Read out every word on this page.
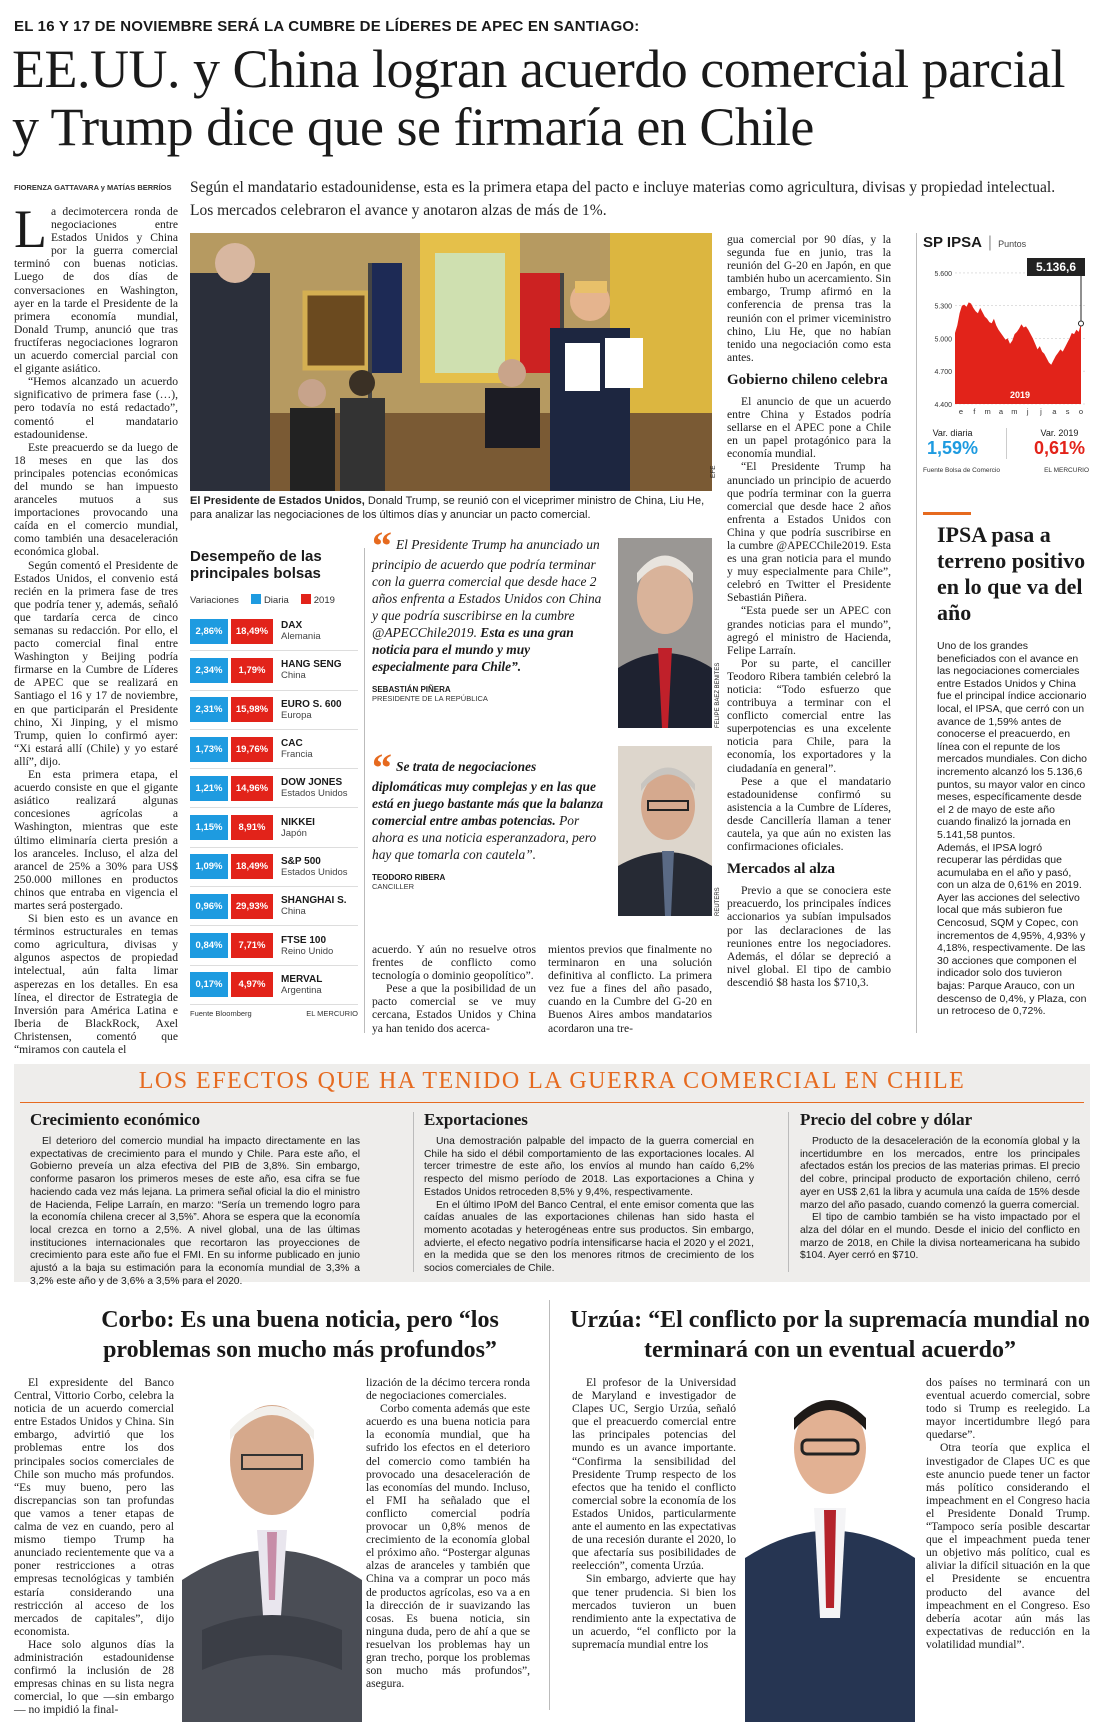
EL 16 Y 17 DE NOVIEMBRE SERÁ LA CUMBRE DE LÍDERES DE APEC EN SANTIAGO:
EE.UU. y China logran acuerdo comercial parcial y Trump dice que se firmaría en Chile
FIORENZA GATTAVARA y MATÍAS BERRÍOS Según el mandatario estadounidense, esta es la primera etapa del pacto e incluye materias como agricultura, divisas y propiedad intelectual. Los mercados celebraron el avance y anotaron alzas de más de 1%.

La decimotercera ronda de negociaciones entre Estados Unidos y China por la guerra comercial terminó con buenas noticias. Luego de dos días de conversaciones en Washington, ayer en la tarde el Presidente de la primera economía mundial, Donald Trump, anunció que tras fructíferas negociaciones lograron un acuerdo comercial parcial con el gigante asiático.

“Hemos alcanzado un acuerdo significativo de primera fase (…), pero todavía no está redactado”, comentó el mandatario estadounidense.

Este preacuerdo se da luego de 18 meses en que las dos principales potencias económicas del mundo se han impuesto aranceles mutuos a sus importaciones provocando una caída en el comercio mundial, como también una desaceleración económica global.

Según comentó el Presidente de Estados Unidos, el convenio está recién en la primera fase de tres que podría tener y, además, señaló que tardaría cerca de cinco semanas su redacción. Por ello, el pacto comercial final entre Washington y Beijing podría firmarse en la Cumbre de Líderes de APEC que se realizará en Santiago el 16 y 17 de noviembre, en que participarán el Presidente chino, Xi Jinping, y el mismo Trump, quien lo confirmó ayer: “Xi estará allí (Chile) y yo estaré allí”, dijo.

En esta primera etapa, el acuerdo consiste en que el gigante asiático realizará algunas concesiones agrícolas a Washington, mientras que este último eliminaría cierta presión a los aranceles. Incluso, el alza del arancel de 25% a 30% para US$ 250.000 millones en productos chinos que entraba en vigencia el martes será postergado.

Si bien esto es un avance en términos estructurales en temas como agricultura, divisas y algunos aspectos de propiedad intelectual, aún falta limar asperezas en los detalles. En esa línea, el director de Estrategia de Inversión para América Latina e Iberia de BlackRock, Axel Christensen, comentó que “miramos con cautela el

El Presidente de Estados Unidos, Donald Trump, se reunió con el viceprimer ministro de China, Liu He, para analizar las negociaciones de los últimos días y anunciar un pacto comercial.
EFE
Desempeño de las principales bolsas
Variaciones	Diaria	2019
2,86%	18,49%	DAX
Alemania
2,34%	1,79%	HANG SENG
China
2,31%	15,98%	EURO S. 600
Europa
1,73%	19,76%	CAC
Francia
1,21%	14,96%	DOW JONES
Estados Unidos
1,15%	8,91%	NIKKEI
Japón
1,09%	18,49%	S&P 500
Estados Unidos
0,96%	29,93%	SHANGHAI S.
China
0,84%	7,71%	FTSE 100
Reino Unido
0,17%	4,97%	MERVAL
Argentina
Fuente Bloomberg	EL MERCURIO
“ El Presidente Trump ha anunciado un principio de acuerdo que podría terminar con la guerra comercial que desde hace 2 años enfrenta a Estados Unidos con China y que podría suscribirse en la cumbre @APECChile2019. Esta es una gran noticia para el mundo y muy especialmente para Chile”.
SEBASTIÁN PIÑERA
PRESIDENTE DE LA REPÚBLICA	FELIPE BAEZ BENITES
“ Se trata de negociaciones diplomáticas muy complejas y en las que está en juego bastante más que la balanza comercial entre ambas potencias. Por ahora es una noticia esperanzadora, pero hay que tomarla con cautela”.
TEODORO RIBERA
CANCILLER
REUTERS

acuerdo. Y aún no resuelve otros frentes de conflicto como tecnología o dominio geopolítico”.

Pese a que la posibilidad de un pacto comercial se ve muy cercana, Estados Unidos y China ya han tenido dos acerca-

mientos previos que finalmente no terminaron en una solución definitiva al conflicto. La primera vez fue a fines del año pasado, cuando en la Cumbre del G-20 en Buenos Aires ambos mandatarios acordaron una tre-

gua comercial por 90 días, y la segunda fue en junio, tras la reunión del G-20 en Japón, en que también hubo un acercamiento. Sin embargo, Trump afirmó en la conferencia de prensa tras la reunión con el primer viceministro chino, Liu He, que no habían tenido una negociación como esta antes.

Gobierno chileno celebra

El anuncio de que un acuerdo entre China y Estados podría sellarse en el APEC pone a Chile en un papel protagónico para la economía mundial.

“El Presidente Trump ha anunciado un principio de acuerdo que podría terminar con la guerra comercial que desde hace 2 años enfrenta a Estados Unidos con China y que podría suscribirse en la cumbre @APECChile2019. Esta es una gran noticia para el mundo y muy especialmente para Chile”, celebró en Twitter el Presidente Sebastián Piñera.

“Esta puede ser un APEC con grandes noticias para el mundo”, agregó el ministro de Hacienda, Felipe Larraín.

Por su parte, el canciller Teodoro Ribera también celebró la noticia: “Todo esfuerzo que contribuya a terminar con el conflicto comercial entre las superpotencias es una excelente noticia para Chile, para la economía, los exportadores y la ciudadanía en general”.

Pese a que el mandatario estadounidense confirmó su asistencia a la Cumbre de Líderes, desde Cancillería llaman a tener cautela, ya que aún no existen las confirmaciones oficiales.

Mercados al alza

Previo a que se conociera este preacuerdo, los principales índices accionarios ya subían impulsados por las declaraciones de las reuniones entre los negociadores. Además, el dólar se depreció a nivel global. El tipo de cambio descendió $8 hasta los $710,3.

SP IPSA | Puntos
5.600
5.300
5.000
4.700
4.400
5.136,6
2019
e f m a m j j a s o
Var. diaria
1,59%
Var. 2019
0,61%
Fuente Bolsa de Comercio	EL MERCURIO
IPSA pasa a terreno positivo en lo que va del año

Uno de los grandes beneficiados con el avance en las negociaciones comerciales entre Estados Unidos y China fue el principal índice accionario local, el IPSA, que cerró con un avance de 1,59% antes de conocerse el preacuerdo, en línea con el repunte de los mercados mundiales. Con dicho incremento alcanzó los 5.136,6 puntos, su mayor valor en cinco meses, específicamente desde el 2 de mayo de este año cuando finalizó la jornada en 5.141,58 puntos.

Además, el IPSA logró recuperar las pérdidas que acumulaba en el año y pasó, con un alza de 0,61% en 2019.

Ayer las acciones del selectivo local que más subieron fue Cencosud, SQM y Copec, con incrementos de 4,95%, 4,93% y 4,18%, respectivamente. De las 30 acciones que componen el indicador solo dos tuvieron bajas: Parque Arauco, con un descenso de 0,4%, y Plaza, con un retroceso de 0,72%.

LOS EFECTOS QUE HA TENIDO LA GUERRA COMERCIAL EN CHILE
Crecimiento económico

El deterioro del comercio mundial ha impacto directamente en las expectativas de crecimiento para el mundo y Chile. Para este año, el Gobierno preveía un alza efectiva del PIB de 3,8%. Sin embargo, conforme pasaron los primeros meses de este año, esa cifra se fue haciendo cada vez más lejana. La primera señal oficial la dio el ministro de Hacienda, Felipe Larraín, en marzo: “Sería un tremendo logro para la economía chilena crecer al 3,5%”. Ahora se espera que la economía local crezca en torno a 2,5%. A nivel global, una de las últimas instituciones internacionales que recortaron las proyecciones de crecimiento para este año fue el FMI. En su informe publicado en junio ajustó a la baja su estimación para la economía mundial de 3,3% a 3,2% este año y de 3,6% a 3,5% para el 2020.

Exportaciones

Una demostración palpable del impacto de la guerra comercial en Chile ha sido el débil comportamiento de las exportaciones locales. Al tercer trimestre de este año, los envíos al mundo han caído 6,2% respecto del mismo período de 2018. Las exportaciones a China y Estados Unidos retroceden 8,5% y 9,4%, respectivamente.

En el último IPoM del Banco Central, el ente emisor comenta que las caídas anuales de las exportaciones chilenas han sido hasta el momento acotadas y heterogéneas entre sus productos. Sin embargo, advierte, el efecto negativo podría intensificarse hacia el 2020 y el 2021, en la medida que se den los menores ritmos de crecimiento de los socios comerciales de Chile.

Precio del cobre y dólar

Producto de la desaceleración de la economía global y la incertidumbre en los mercados, entre los principales afectados están los precios de las materias primas. El precio del cobre, principal producto de exportación chileno, cerró ayer en US$ 2,61 la libra y acumula una caída de 15% desde marzo del año pasado, cuando comenzó la guerra comercial.

El tipo de cambio también se ha visto impactado por el alza del dólar en el mundo. Desde el inicio del conflicto en marzo de 2018, en Chile la divisa norteamericana ha subido $104. Ayer cerró en $710.

Corbo: Es una buena noticia, pero “los problemas son mucho más profundos”

El expresidente del Banco Central, Vittorio Corbo, celebra la noticia de un acuerdo comercial entre Estados Unidos y China. Sin embargo, advirtió que los problemas entre los dos principales socios comerciales de Chile son mucho más profundos. “Es muy bueno, pero las discrepancias son tan profundas que vamos a tener etapas de calma de vez en cuando, pero al mismo tiempo Trump ha anunciado recientemente que va a poner restricciones a otras empresas tecnológicas y también estaría considerando una restricción al acceso de los mercados de capitales”, dijo economista.

Hace solo algunos días la administración estadounidense confirmó la inclusión de 28 empresas chinas en su lista negra comercial, lo que —sin embargo— no impidió la final-

lización de la décimo tercera ronda de negociaciones comerciales.

Corbo comenta además que este acuerdo es una buena noticia para la economía mundial, que ha sufrido los efectos en el deterioro del comercio como también ha provocado una desaceleración de las economías del mundo. Incluso, el FMI ha señalado que el conflicto comercial podría provocar un 0,8% menos de crecimiento de la economía global el próximo año. “Postergar algunas alzas de aranceles y también que China va a comprar un poco más de productos agrícolas, eso va a en la dirección de ir suavizando las cosas. Es buena noticia, sin ninguna duda, pero de ahí a que se resuelvan los problemas hay un gran trecho, porque los problemas son mucho más profundos”, asegura.

Urzúa: “El conflicto por la supremacía mundial no terminará con un eventual acuerdo”

El profesor de la Universidad de Maryland e investigador de Clapes UC, Sergio Urzúa, señaló que el preacuerdo comercial entre las principales potencias del mundo es un avance importante. “Confirma la sensibilidad del Presidente Trump respecto de los efectos que ha tenido el conflicto comercial sobre la economía de los Estados Unidos, particularmente ante el aumento en las expectativas de una recesión durante el 2020, lo que afectaría sus posibilidades de reelección”, comenta Urzúa.

Sin embargo, advierte que hay que tener prudencia. Si bien los mercados tuvieron un buen rendimiento ante la expectativa de un acuerdo, “el conflicto por la supremacía mundial entre los

dos países no terminará con un eventual acuerdo comercial, sobre todo si Trump es reelegido. La mayor incertidumbre llegó para quedarse”.

Otra teoría que explica el investigador de Clapes UC es que este anuncio puede tener un factor más político considerando el impeachment en el Congreso hacia el Presidente Donald Trump. “Tampoco sería posible descartar que el impeachment pueda tener un objetivo más político, cual es aliviar la difícil situación en la que el Presidente se encuentra producto del avance del impeachment en el Congreso. Eso debería acotar aún más las expectativas de reducción en la volatilidad mundial”.
